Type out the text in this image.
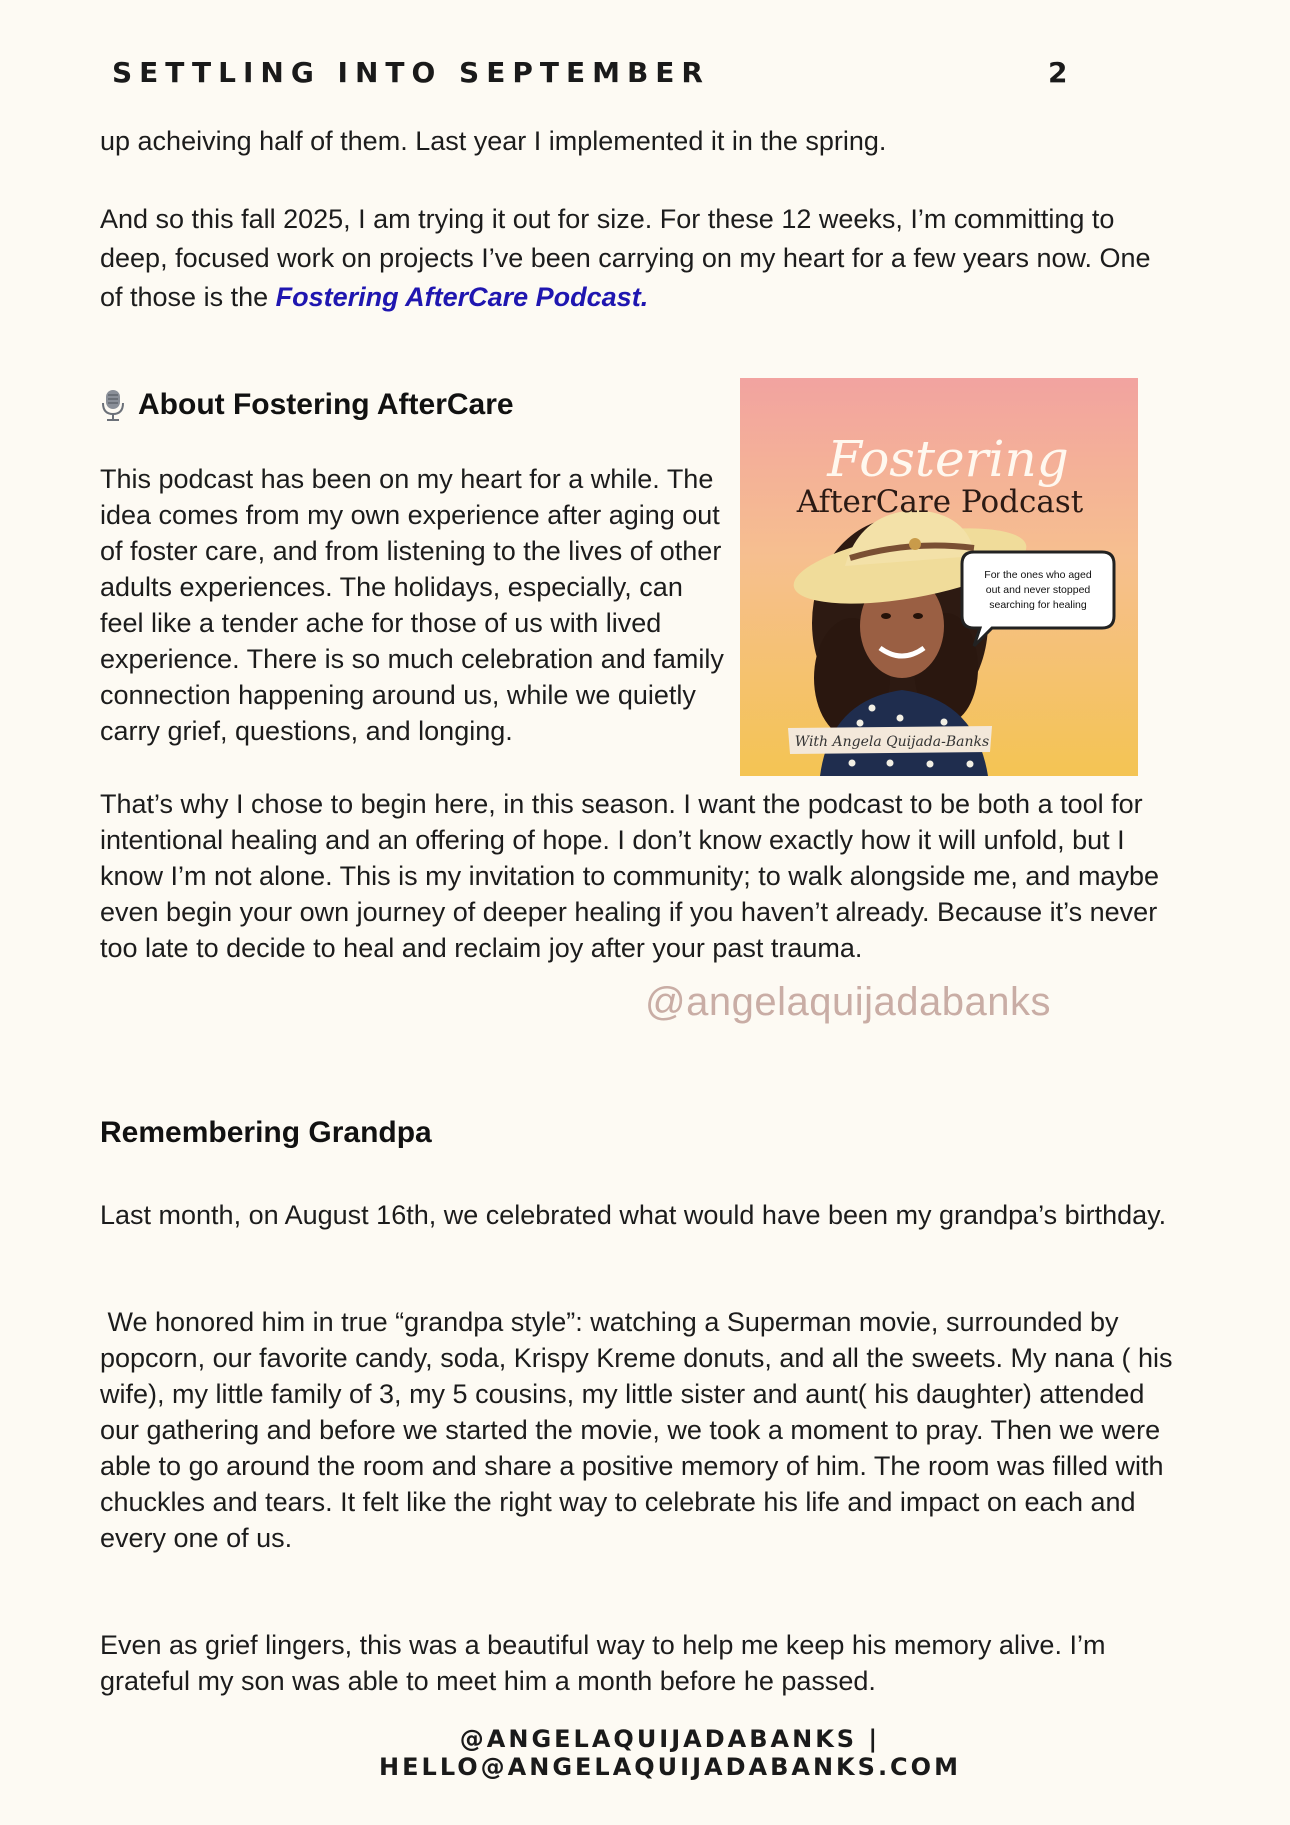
SETTLING INTO SEPTEMBER	2

up acheiving half of them. Last year I implemented it in the spring.

And so this fall 2025, I am trying it out for size. For these 12 weeks, I’m committing to deep, focused work on projects I’ve been carrying on my heart for a few years now. One of those is the Fostering AfterCare Podcast.

About Fostering AfterCare

This podcast has been on my heart for a while. The idea comes from my own experience after aging out of foster care, and from listening to the lives of other adults experiences. The holidays, especially, can feel like a tender ache for those of us with lived experience. There is so much celebration and family connection happening around us, while we quietly carry grief, questions, and longing.

For the ones who aged
out and never stopped
searching for healing
Fostering
AfterCare Podcast
With Angela Quijada-Banks

That’s why I chose to begin here, in this season. I want the podcast to be both a tool for intentional healing and an offering of hope. I don’t know exactly how it will unfold, but I know I’m not alone. This is my invitation to community; to walk alongside me, and maybe even begin your own journey of deeper healing if you haven’t already. Because it’s never too late to decide to heal and reclaim joy after your past trauma.

@angelaquijadabanks
Remembering Grandpa

Last month, on August 16th, we celebrated what would have been my grandpa’s birthday.

We honored him in true “grandpa style”: watching a Superman movie, surrounded by popcorn, our favorite candy, soda, Krispy Kreme donuts, and all the sweets. My nana ( his wife), my little family of 3, my 5 cousins, my little sister and aunt( his daughter) attended our gathering and before we started the movie, we took a moment to pray. Then we were able to go around the room and share a positive memory of him. The room was filled with chuckles and tears. It felt like the right way to celebrate his life and impact on each and every one of us.

Even as grief lingers, this was a beautiful way to help me keep his memory alive. I’m grateful my son was able to meet him a month before he passed.

@ANGELAQUIJADABANKS | HELLO@ANGELAQUIJADABANKS.COM
